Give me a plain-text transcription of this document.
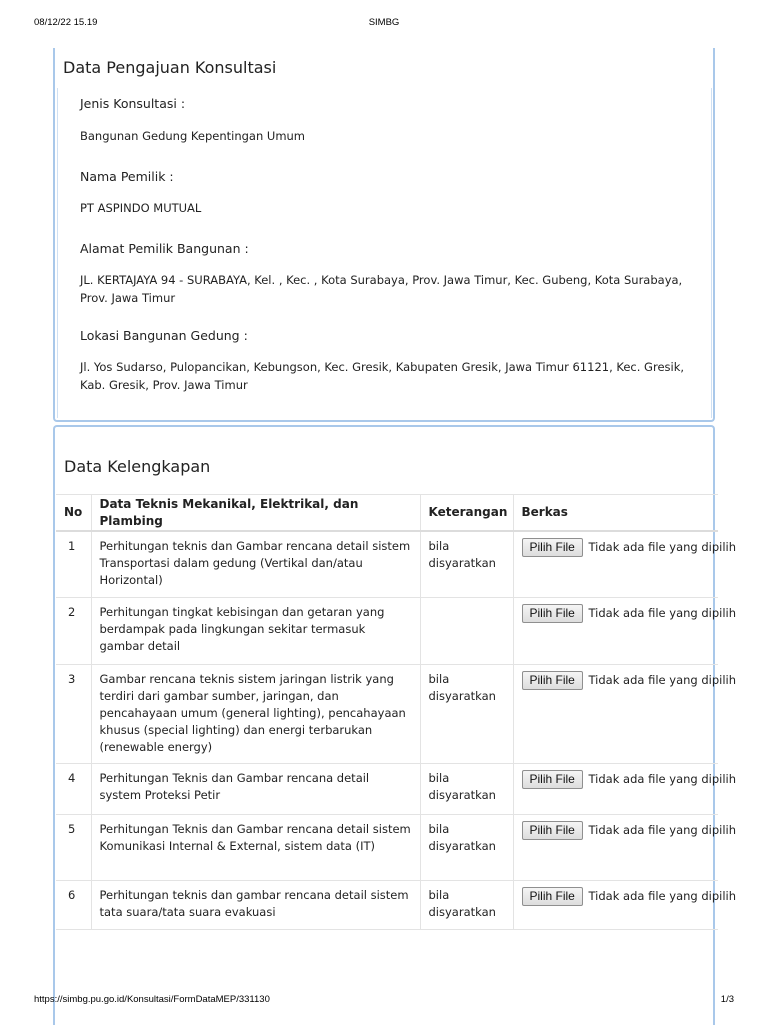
08/12/22 15.19	SIMBG
Data Pengajuan Konsultasi
Jenis Konsultasi :
Bangunan Gedung Kepentingan Umum
Nama Pemilik :
PT ASPINDO MUTUAL
Alamat Pemilik Bangunan :
JL. KERTAJAYA 94 - SURABAYA, Kel. , Kec. , Kota Surabaya, Prov. Jawa Timur, Kec. Gubeng, Kota Surabaya, Prov. Jawa Timur
Lokasi Bangunan Gedung :
Jl. Yos Sudarso, Pulopancikan, Kebungson, Kec. Gresik, Kabupaten Gresik, Jawa Timur 61121, Kec. Gresik, Kab. Gresik, Prov. Jawa Timur
Data Kelengkapan
No	Data Teknis Mekanikal, Elektrikal, dan Plambing	Keterangan	Berkas
1	Perhitungan teknis dan Gambar rencana detail sistem Transportasi dalam gedung (Vertikal dan/atau Horizontal)	bila disyaratkan	Pilih File Tidak ada file yang dipilih
2	Perhitungan tingkat kebisingan dan getaran yang berdampak pada lingkungan sekitar termasuk gambar detail		Pilih File Tidak ada file yang dipilih
3	Gambar rencana teknis sistem jaringan listrik yang terdiri dari gambar sumber, jaringan, dan pencahayaan umum (general lighting), pencahayaan khusus (special lighting) dan energi terbarukan (renewable energy)	bila disyaratkan	Pilih File Tidak ada file yang dipilih
4	Perhitungan Teknis dan Gambar rencana detail system Proteksi Petir	bila disyaratkan	Pilih File Tidak ada file yang dipilih
5	Perhitungan Teknis dan Gambar rencana detail sistem Komunikasi Internal & External, sistem data (IT)	bila disyaratkan	Pilih File Tidak ada file yang dipilih
6	Perhitungan teknis dan gambar rencana detail sistem tata suara/tata suara evakuasi	bila disyaratkan	Pilih File Tidak ada file yang dipilih
https://simbg.pu.go.id/Konsultasi/FormDataMEP/331130	1/3
